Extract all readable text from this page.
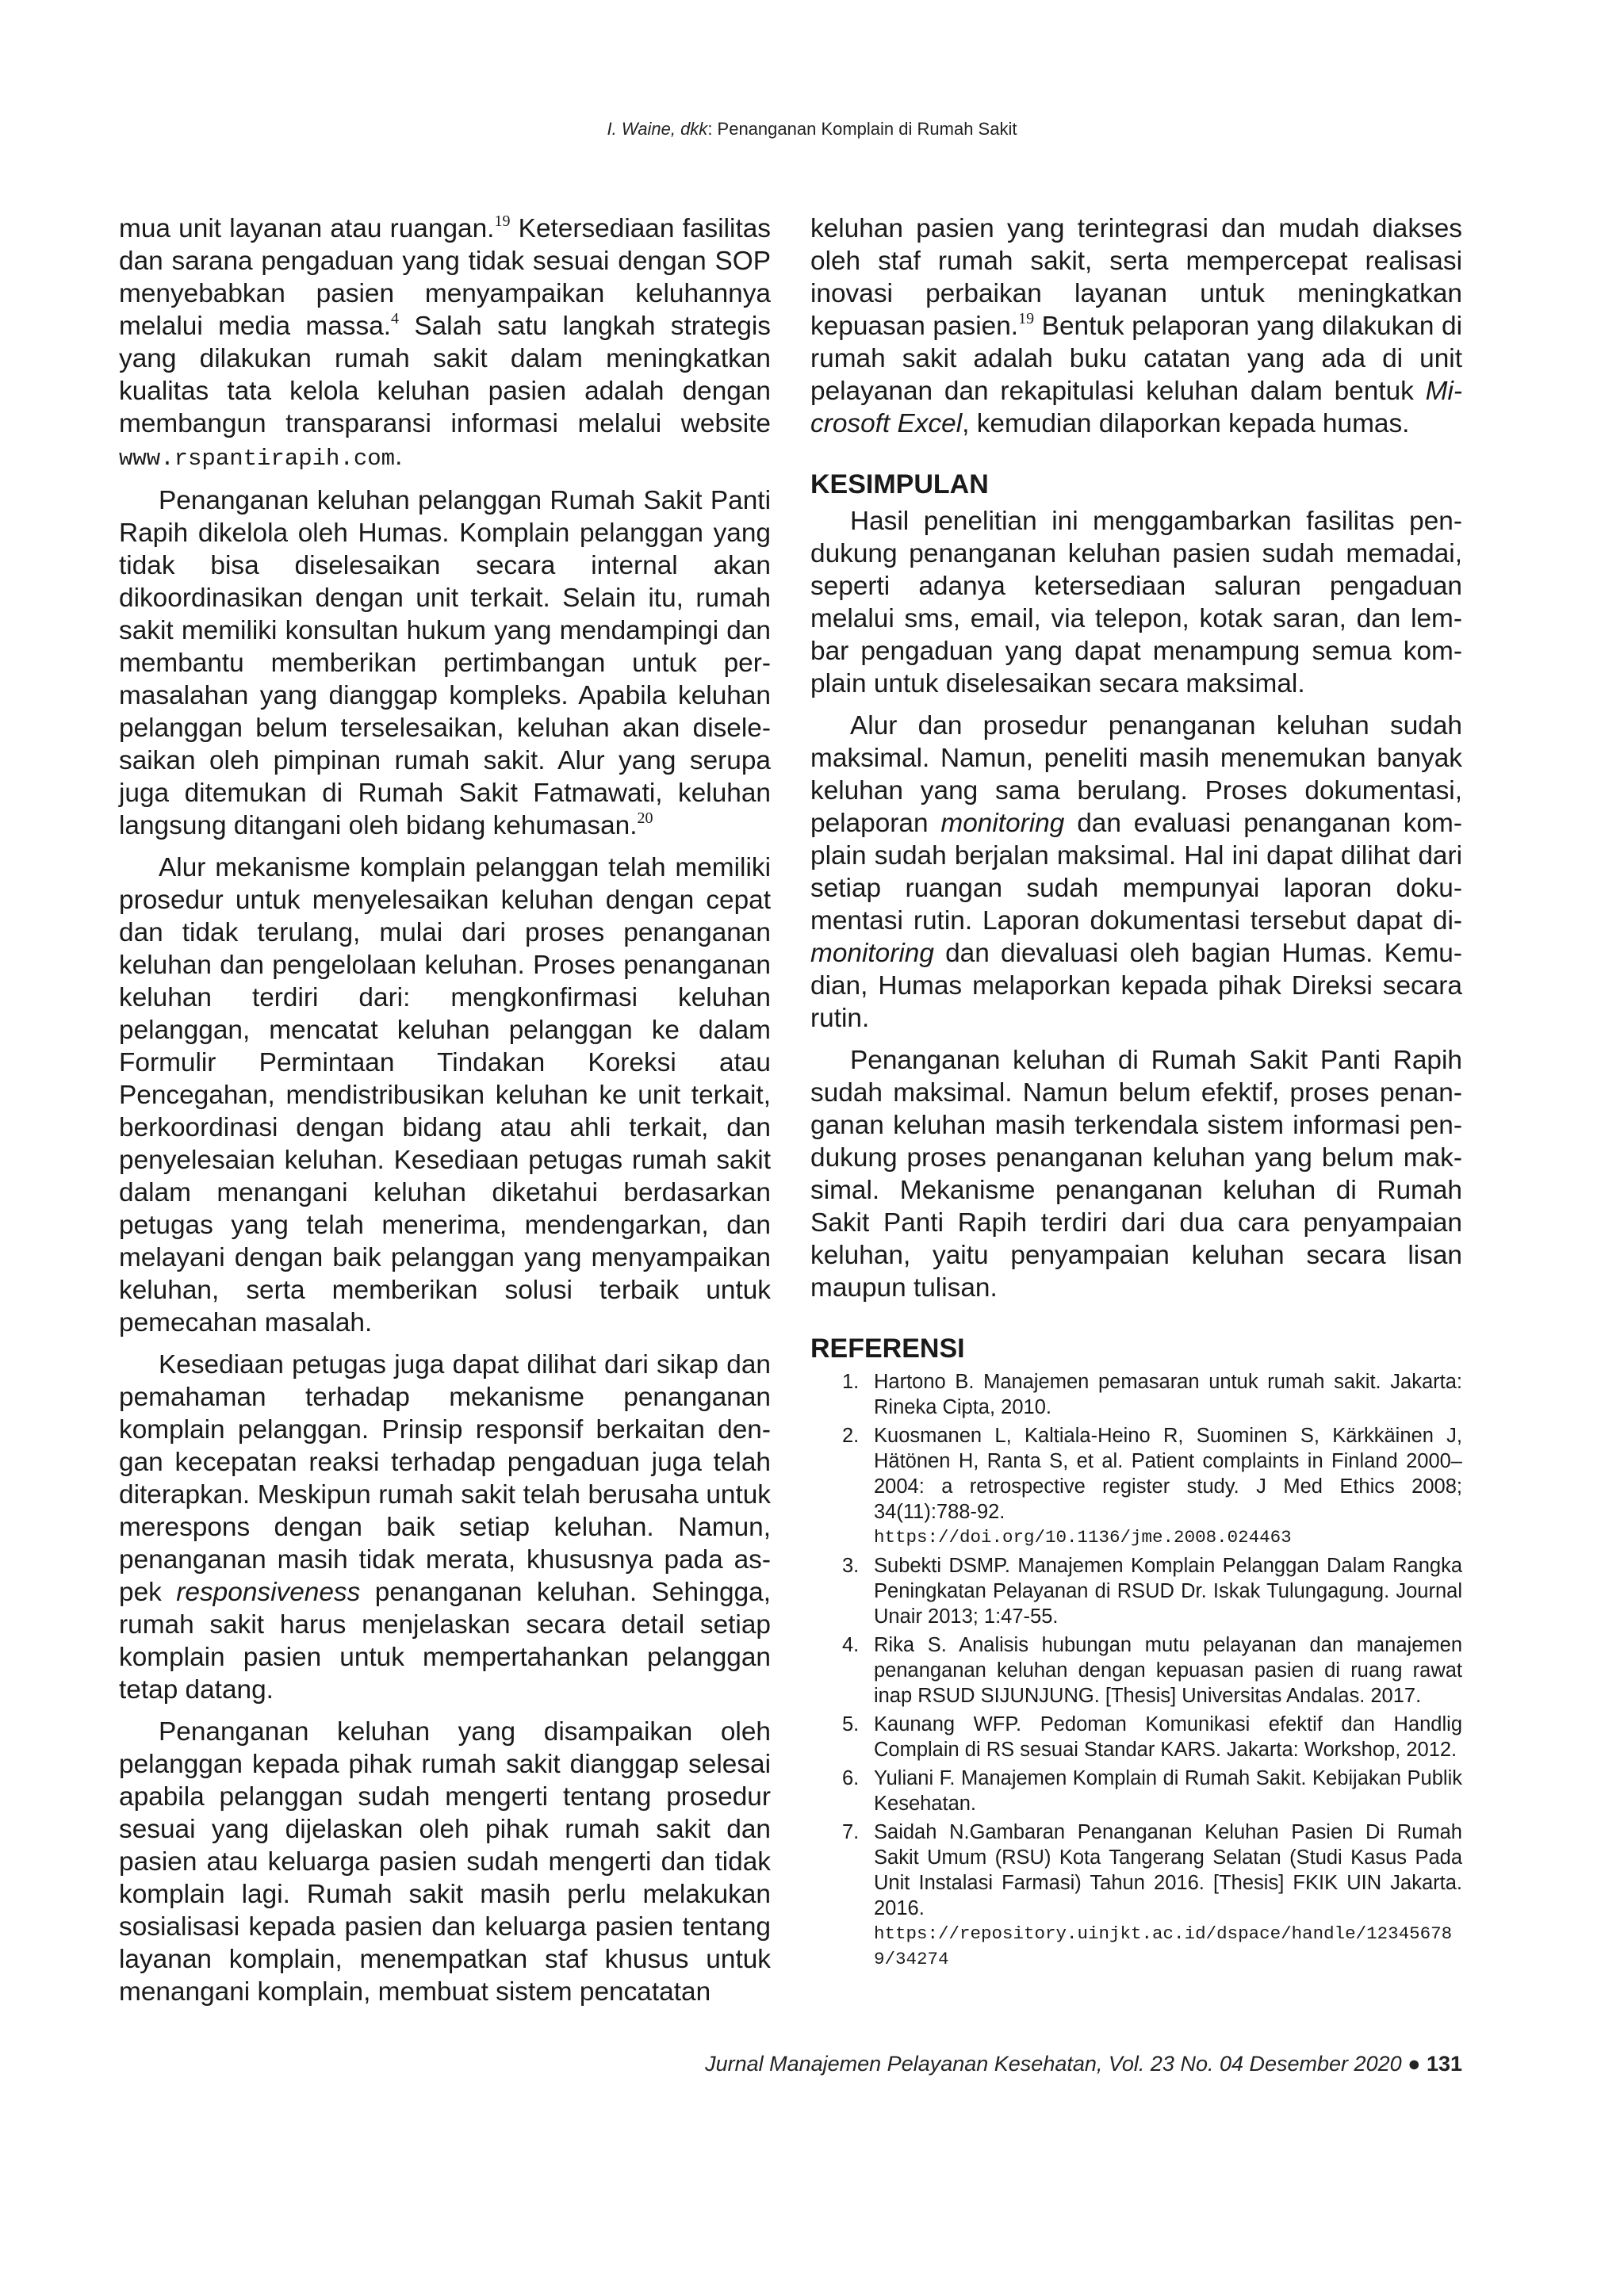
I. Waine, dkk: Penanganan Komplain di Rumah Sakit

mua unit layanan atau ruangan.$^{19}$ Ketersediaan fasilitas dan sarana pengaduan yang tidak sesuai dengan SOP menyebabkan pasien menyampaikan keluhannya melalui media massa.$^4$ Salah satu langkah strategis yang dilakukan rumah sakit dalam meningkatkan kualitas tata kelola keluhan pasien adalah dengan membangun transparansi informasi melalui website www.rspantirapih.com.

Penanganan keluhan pelanggan Rumah Sakit Panti Rapih dikelola oleh Humas. Komplain pelanggan yang tidak bisa diselesaikan secara internal akan dikoordinasikan dengan unit terkait. Selain itu, rumah sakit memiliki konsultan hukum yang mendampingi dan membantu memberikan pertimbangan untuk permasalahan yang dianggap kompleks. Apabila keluhan pelanggan belum terselesaikan, keluhan akan diselesaikan oleh pimpinan rumah sakit. Alur yang serupa juga ditemukan di Rumah Sakit Fatmawati, keluhan langsung ditangani oleh bidang kehumasan.$^{20}$

Alur mekanisme komplain pelanggan telah memiliki prosedur untuk menyelesaikan keluhan dengan cepat dan tidak terulang, mulai dari proses penanganan keluhan dan pengelolaan keluhan. Proses penanganan keluhan terdiri dari: mengkonfirmasi keluhan pelanggan, mencatat keluhan pelanggan ke dalam Formulir Permintaan Tindakan Koreksi atau Pencegahan, mendistribusikan keluhan ke unit terkait, berkoordinasi dengan bidang atau ahli terkait, dan penyelesaian keluhan. Kesediaan petugas rumah sakit dalam menangani keluhan diketahui berdasarkan petugas yang telah menerima, mendengarkan, dan melayani dengan baik pelanggan yang menyampaikan keluhan, serta memberikan solusi terbaik untuk pemecahan masalah.

Kesediaan petugas juga dapat dilihat dari sikap dan pemahaman terhadap mekanisme penanganan komplain pelanggan. Prinsip responsif berkaitan dengan kecepatan reaksi terhadap pengaduan juga telah diterapkan. Meskipun rumah sakit telah berusaha untuk merespons dengan baik setiap keluhan. Namun, penanganan masih tidak merata, khususnya pada aspek responsiveness penanganan keluhan. Sehingga, rumah sakit harus menjelaskan secara detail setiap komplain pasien untuk mempertahankan pelanggan tetap datang.

Penanganan keluhan yang disampaikan oleh pelanggan kepada pihak rumah sakit dianggap selesai apabila pelanggan sudah mengerti tentang prosedur sesuai yang dijelaskan oleh pihak rumah sakit dan pasien atau keluarga pasien sudah mengerti dan tidak komplain lagi. Rumah sakit masih perlu melakukan sosialisasi kepada pasien dan keluarga pasien tentang layanan komplain, menempatkan staf khusus untuk menangani komplain, membuat sistem pencatatan

keluhan pasien yang terintegrasi dan mudah diakses oleh staf rumah sakit, serta mempercepat realisasi inovasi perbaikan layanan untuk meningkatkan kepuasan pasien.$^{19}$ Bentuk pelaporan yang dilakukan di rumah sakit adalah buku catatan yang ada di unit pelayanan dan rekapitulasi keluhan dalam bentuk Microsoft Excel, kemudian dilaporkan kepada humas.

KESIMPULAN

Hasil penelitian ini menggambarkan fasilitas pendukung penanganan keluhan pasien sudah memadai, seperti adanya ketersediaan saluran pengaduan melalui sms, email, via telepon, kotak saran, dan lembar pengaduan yang dapat menampung semua komplain untuk diselesaikan secara maksimal.

Alur dan prosedur penanganan keluhan sudah maksimal. Namun, peneliti masih menemukan banyak keluhan yang sama berulang. Proses dokumentasi, pelaporan monitoring dan evaluasi penanganan komplain sudah berjalan maksimal. Hal ini dapat dilihat dari setiap ruangan sudah mempunyai laporan dokumentasi rutin. Laporan dokumentasi tersebut dapat dimonitoring dan dievaluasi oleh bagian Humas. Kemudian, Humas melaporkan kepada pihak Direksi secara rutin.

Penanganan keluhan di Rumah Sakit Panti Rapih sudah maksimal. Namun belum efektif, proses penanganan keluhan masih terkendala sistem informasi pendukung proses penanganan keluhan yang belum maksimal. Mekanisme penanganan keluhan di Rumah Sakit Panti Rapih terdiri dari dua cara penyampaian keluhan, yaitu penyampaian keluhan secara lisan maupun tulisan.

REFERENSI
1. Hartono B. Manajemen pemasaran untuk rumah sakit. Jakarta: Rineka Cipta, 2010.
2. Kuosmanen L, Kaltiala-Heino R, Suominen S, Kärkkäinen J, Hätönen H, Ranta S, et al. Patient complaints in Finland 2000–2004: a retrospective register study. J Med Ethics 2008; 34(11):788-92.
https://doi.org/10.1136/jme.2008.024463
3. Subekti DSMP. Manajemen Komplain Pelanggan Dalam Rangka Peningkatan Pelayanan di RSUD Dr. Iskak Tulungagung. Journal Unair 2013; 1:47-55.
4. Rika S. Analisis hubungan mutu pelayanan dan manajemen penanganan keluhan dengan kepuasan pasien di ruang rawat inap RSUD SIJUNJUNG. [Thesis] Universitas Andalas. 2017.
5. Kaunang WFP. Pedoman Komunikasi efektif dan Handlig Complain di RS sesuai Standar KARS. Jakarta: Workshop, 2012.
6. Yuliani F. Manajemen Komplain di Rumah Sakit. Kebijakan Publik Kesehatan.
7. Saidah N.Gambaran Penanganan Keluhan Pasien Di Rumah Sakit Umum (RSU) Kota Tangerang Selatan (Studi Kasus Pada Unit Instalasi Farmasi) Tahun 2016. [Thesis] FKIK UIN Jakarta. 2016.
https://repository.uinjkt.ac.id/dspace/handle/123456789/34274
Jurnal Manajemen Pelayanan Kesehatan, Vol. 23 No. 04 Desember 2020 ● 131
